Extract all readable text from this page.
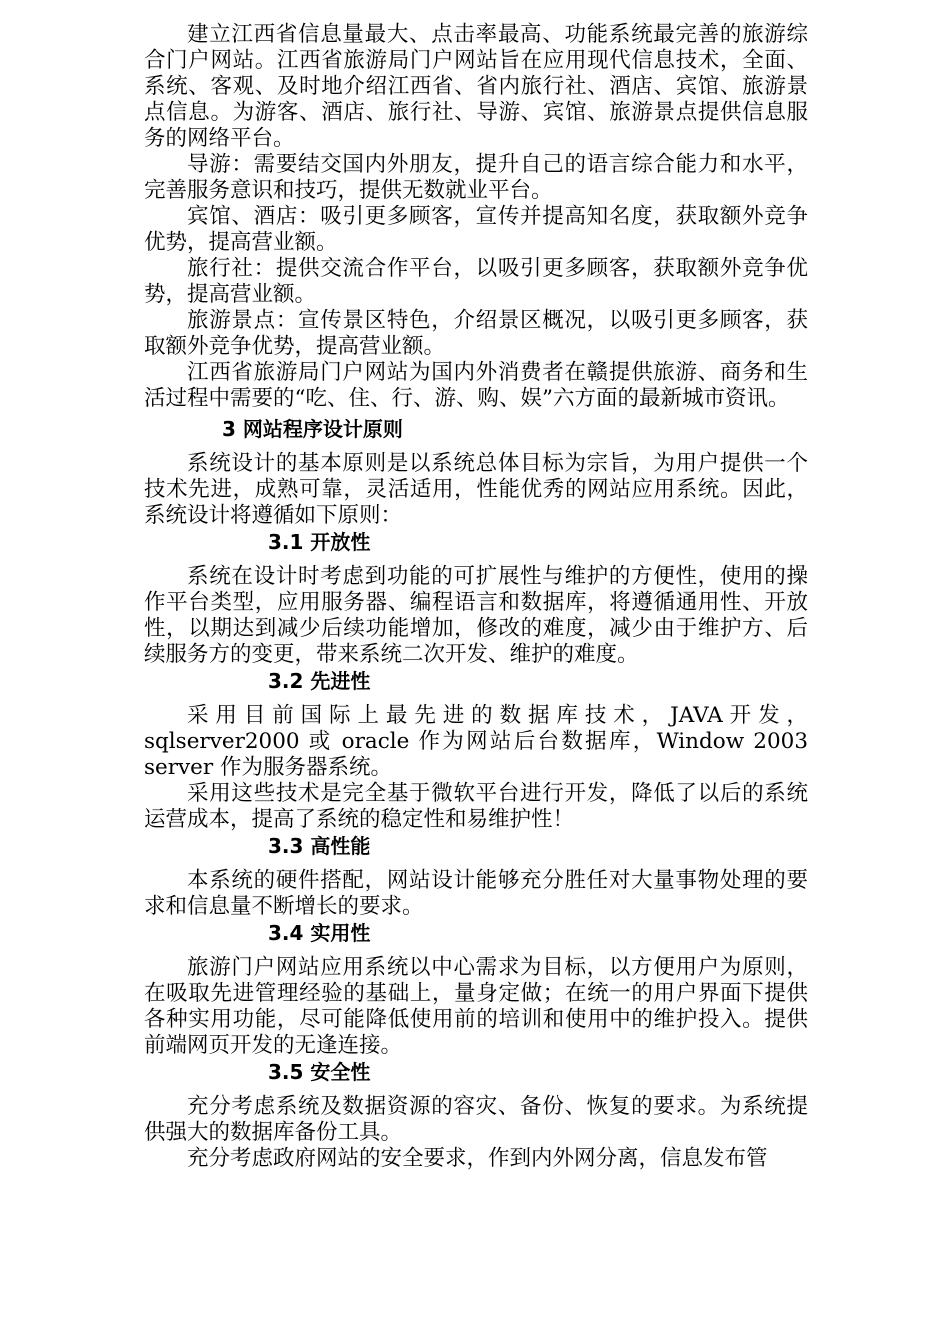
建立江西省信息量最大、点击率最高、功能系统最完善的旅游综合门户网站。江西省旅游局门户网站旨在应用现代信息技术，全面、系统、客观、及时地介绍江西省、省内旅行社、酒店、宾馆、旅游景点信息。为游客、酒店、旅行社、导游、宾馆、旅游景点提供信息服务的网络平台。

导游：需要结交国内外朋友，提升自己的语言综合能力和水平，完善服务意识和技巧，提供无数就业平台。

宾馆、酒店：吸引更多顾客，宣传并提高知名度，获取额外竞争优势，提高营业额。

旅行社：提供交流合作平台，以吸引更多顾客，获取额外竞争优势，提高营业额。

旅游景点：宣传景区特色，介绍景区概况，以吸引更多顾客，获取额外竞争优势，提高营业额。

江西省旅游局门户网站为国内外消费者在赣提供旅游、商务和生活过程中需要的“吃、住、行、游、购、娱”六方面的最新城市资讯。

3 网站程序设计原则

系统设计的基本原则是以系统总体目标为宗旨，为用户提供一个技术先进，成熟可靠，灵活适用，性能优秀的网站应用系统。因此，系统设计将遵循如下原则：

3.1 开放性

系统在设计时考虑到功能的可扩展性与维护的方便性，使用的操作平台类型，应用服务器、编程语言和数据库，将遵循通用性、开放性，以期达到减少后续功能增加，修改的难度，减少由于维护方、后续服务方的变更，带来系统二次开发、维护的难度。

3.2 先进性

采用目前国际上最先进的数据库技术，JAVA开发，

sqlserver2000 或 oracle 作为网站后台数据库，Window 2003

server 作为服务器系统。

采用这些技术是完全基于微软平台进行开发，降低了以后的系统运营成本，提高了系统的稳定性和易维护性！

3.3 高性能

本系统的硬件搭配，网站设计能够充分胜任对大量事物处理的要求和信息量不断增长的要求。

3.4 实用性

旅游门户网站应用系统以中心需求为目标，以方便用户为原则，在吸取先进管理经验的基础上，量身定做；在统一的用户界面下提供各种实用功能，尽可能降低使用前的培训和使用中的维护投入。提供前端网页开发的无逢连接。

3.5 安全性

充分考虑系统及数据资源的容灾、备份、恢复的要求。为系统提供强大的数据库备份工具。

充分考虑政府网站的安全要求，作到内外网分离，信息发布管
